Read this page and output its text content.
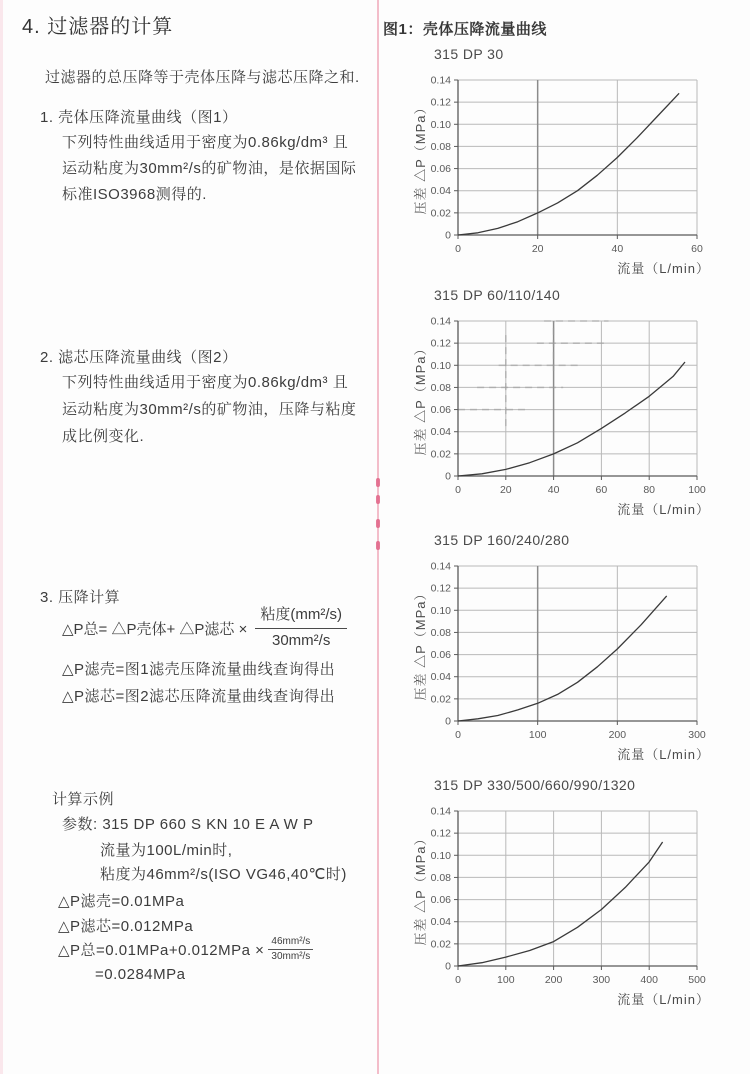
4. 过滤器的计算
过滤器的总压降等于壳体压降与滤芯压降之和.
1. 壳体压降流量曲线（图1）
下列特性曲线适用于密度为0.86kg/dm³ 且
运动粘度为30mm²/s的矿物油，是依据国际
标准ISO3968测得的.
2. 滤芯压降流量曲线（图2）
下列特性曲线适用于密度为0.86kg/dm³ 且
运动粘度为30mm²/s的矿物油，压降与粘度
成比例变化.
3. 压降计算
△P总= △P壳体+ △P滤芯 × $\frac{\text{粘度(mm²/s)}}{\text{30mm²/s}}$
△P滤壳=图1滤壳压降流量曲线查询得出
△P滤芯=图2滤芯压降流量曲线查询得出
计算示例
参数: 315 DP 660 S KN 10 E A W P
流量为100L/min时,
粘度为46mm²/s(ISO VG46,40℃时)
△P滤壳=0.01MPa
△P滤芯=0.012MPa
△P总$=0.01MPa+0.012MPa \times \frac{\text{46mm²/s}}{\text{30mm²/s}}$
=0.0284MPa
图1：壳体压降流量曲线
315 DP 30
0
0.02
0.04
0.06
0.08
0.10
0.12
0.14
0	20	40	60
压差 △P（MPa）
流量（L/min）
315 DP 60/110/140
0
0.02
0.04
0.06
0.08
0.10
0.12
0.14
0	20	40	60	80	100
压差 △P（MPa）
流量（L/min）
315 DP 160/240/280
0
0.02
0.04
0.06
0.08
0.10
0.12
0.14
0	100	200	300
压差 △P（MPa）
流量（L/min）
315 DP 330/500/660/990/1320
0
0.02
0.04
0.06
0.08
0.10
0.12
0.14
0	100	200	300	400	500
压差 △P（MPa）
流量（L/min）
